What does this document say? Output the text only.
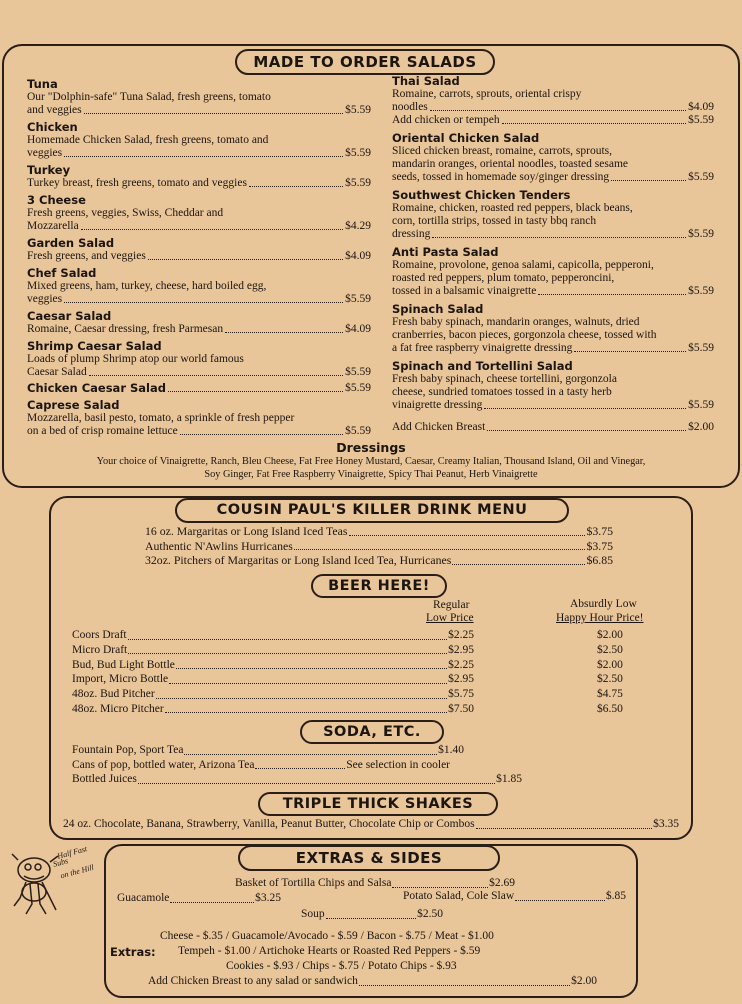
MADE TO ORDER SALADS
Tuna
Our "Dolphin-safe" Tuna Salad, fresh greens, tomato
and veggies	$5.59
Chicken
Homemade Chicken Salad, fresh greens, tomato and
veggies	$5.59
Turkey
Turkey breast, fresh greens, tomato and veggies	$5.59
3 Cheese
Fresh greens, veggies, Swiss, Cheddar and
Mozzarella	$4.29
Garden Salad
Fresh greens, and veggies	$4.09
Chef Salad
Mixed greens, ham, turkey, cheese, hard boiled egg,
veggies	$5.59
Caesar Salad
Romaine, Caesar dressing, fresh Parmesan	$4.09
Shrimp Caesar Salad
Loads of plump Shrimp atop our world famous
Caesar Salad	$5.59
Chicken Caesar Salad	$5.59
Caprese Salad
Mozzarella, basil pesto, tomato, a sprinkle of fresh pepper
on a bed of crisp romaine lettuce	$5.59
Thai Salad
Romaine, carrots, sprouts, oriental crispy
noodles	$4.09
Add chicken or tempeh	$5.59
Oriental Chicken Salad
Sliced chicken breast, romaine, carrots, sprouts,
mandarin oranges, oriental noodles, toasted sesame
seeds, tossed in homemade soy/ginger dressing	$5.59
Southwest Chicken Tenders
Romaine, chicken, roasted red peppers, black beans,
corn, tortilla strips, tossed in tasty bbq ranch
dressing	$5.59
Anti Pasta Salad
Romaine, provolone, genoa salami, capicolla, pepperoni,
roasted red peppers, plum tomato, pepperoncini,
tossed in a balsamic vinaigrette	$5.59
Spinach Salad
Fresh baby spinach, mandarin oranges, walnuts, dried
cranberries, bacon pieces, gorgonzola cheese, tossed with
a fat free raspberry vinaigrette dressing	$5.59
Spinach and Tortellini Salad
Fresh baby spinach, cheese tortellini, gorgonzola
cheese, sundried tomatoes tossed in a tasty herb
vinaigrette dressing	$5.59
Add Chicken Breast	$2.00
Dressings
Your choice of Vinaigrette, Ranch, Bleu Cheese, Fat Free Honey Mustard, Caesar, Creamy Italian, Thousand Island, Oil and Vinegar,
Soy Ginger, Fat Free Raspberry Vinaigrette, Spicy Thai Peanut, Herb Vinaigrette
COUSIN PAUL'S KILLER DRINK MENU
16 oz. Margaritas or Long Island Iced Teas	$3.75
Authentic N'Awlins Hurricanes	$3.75
32oz. Pitchers of Margaritas or Long Island Iced Tea, Hurricanes	$6.85
BEER HERE!
Regular
Low Price
Absurdly Low
Happy Hour Price!
Coors Draft	$2.25	$2.00
Micro Draft	$2.95	$2.50
Bud, Bud Light Bottle	$2.25	$2.00
Import, Micro Bottle	$2.95	$2.50
48oz. Bud Pitcher	$5.75	$4.75
48oz. Micro Pitcher	$7.50	$6.50
SODA, ETC.
Fountain Pop, Sport Tea	$1.40
Cans of pop, bottled water, Arizona Tea	See selection in cooler
Bottled Juices	$1.85
TRIPLE THICK SHAKES
24 oz. Chocolate, Banana, Strawberry, Vanilla, Peanut Butter, Chocolate Chip or Combos	$3.35
Half Fast
Subs
on the Hill
EXTRAS & SIDES
Basket of Tortilla Chips and Salsa	$2.69
Guacamole	$3.25	Potato Salad, Cole Slaw	$.85
Soup	$2.50
Cheese - $.35 / Guacamole/Avocado - $.59 / Bacon - $.75 / Meat - $1.00
Extras: Tempeh - $1.00 / Artichoke Hearts or Roasted Red Peppers - $.59
Cookies - $.93 / Chips - $.75 / Potato Chips - $.93
Add Chicken Breast to any salad or sandwich	$2.00
